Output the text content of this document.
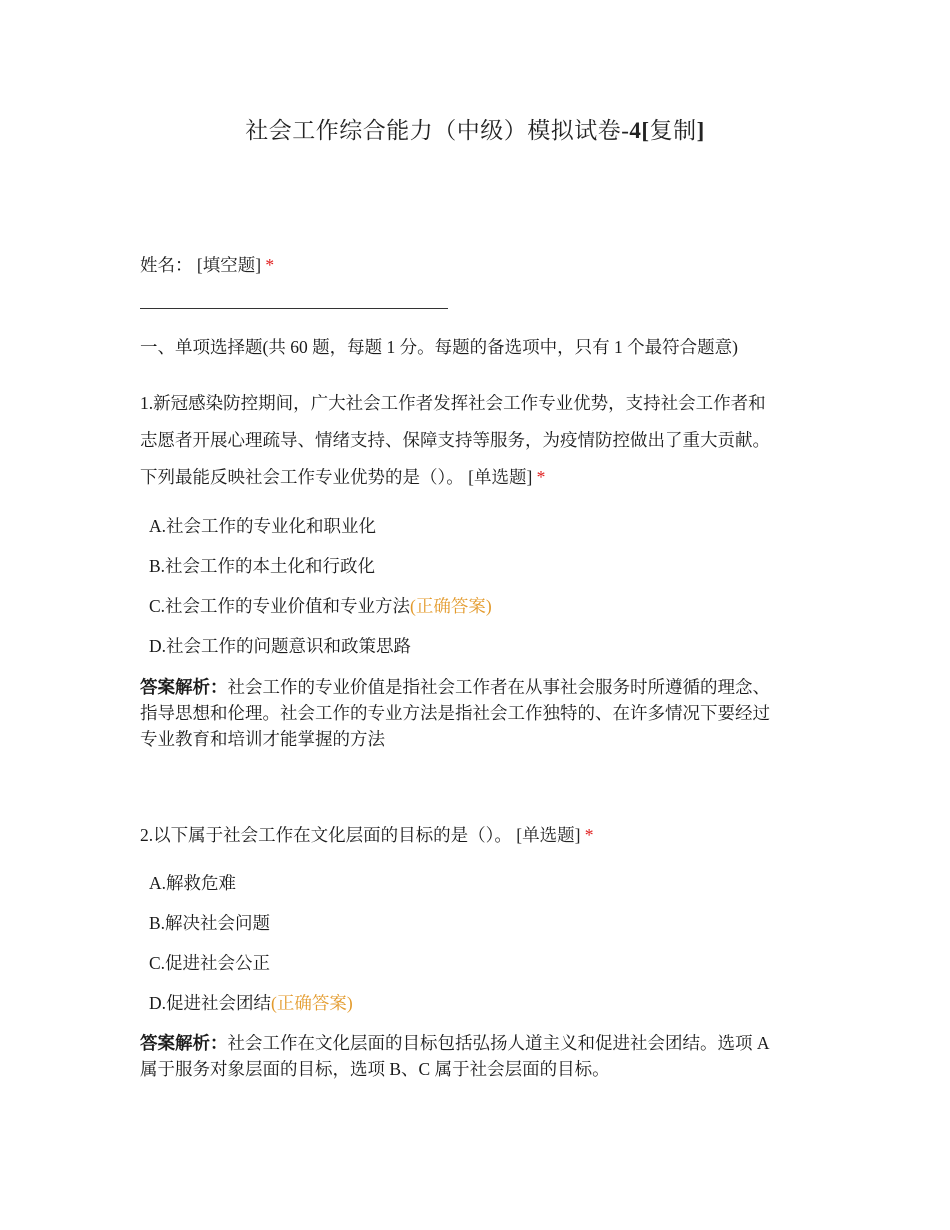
社会工作综合能力（中级）模拟试卷-4[复制]
姓名： [填空题] *
一、单项选择题(共 60 题，每题 1 分。每题的备选项中，只有 1 个最符合题意)
1.新冠感染防控期间，广大社会工作者发挥社会工作专业优势，支持社会工作者和
志愿者开展心理疏导、情绪支持、保障支持等服务，为疫情防控做出了重大贡献。
下列最能反映社会工作专业优势的是（）。 [单选题] *
A.社会工作的专业化和职业化
B.社会工作的本土化和行政化
C.社会工作的专业价值和专业方法(正确答案)
D.社会工作的问题意识和政策思路
答案解析：社会工作的专业价值是指社会工作者在从事社会服务时所遵循的理念、
指导思想和伦理。社会工作的专业方法是指社会工作独特的、在许多情况下要经过
专业教育和培训才能掌握的方法
2.以下属于社会工作在文化层面的目标的是（）。 [单选题] *
A.解救危难
B.解决社会问题
C.促进社会公正
D.促进社会团结(正确答案)
答案解析：社会工作在文化层面的目标包括弘扬人道主义和促进社会团结。选项 A
属于服务对象层面的目标，选项 B、C 属于社会层面的目标。
